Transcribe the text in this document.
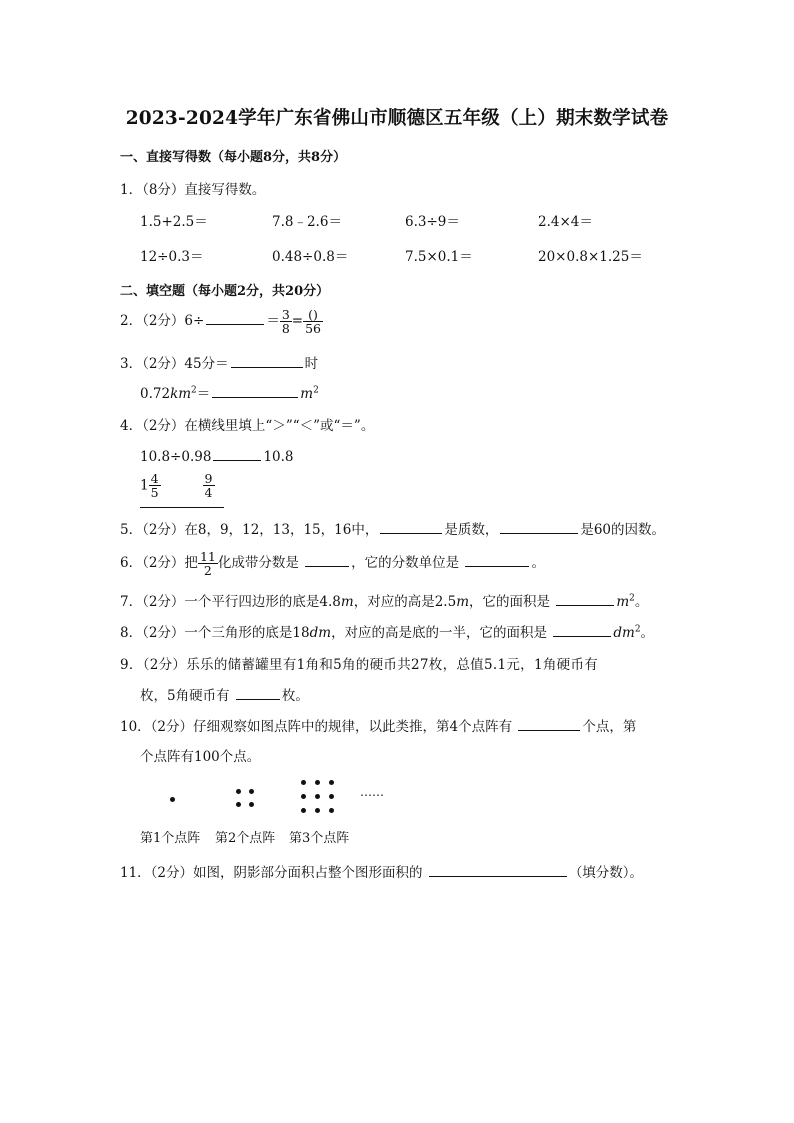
2023-2024学年广东省佛山市顺德区五年级（上）期末数学试卷
一、直接写得数（每小题8分，共8分）
1．（8分）直接写得数。
1.5+2.5＝	7.8﹣2.6＝	6.3÷9＝	2.4×4＝
12÷0.3＝	0.48÷0.8＝	7.5×0.1＝	20×0.8×1.25＝
二、填空题（每小题2分，共20分）
2．（2分）6÷	＝ $\frac{3}{8} = \frac{()}{56}$
3．（2分）45分＝	时
$0.72km^2=$	$m^2$
4．（2分）在横线里填上“＞”“＜”或“＝”。
10.8÷0.98	10.8
$1 \frac{4}{5}$	$\frac{9}{4}$
5．（2分）在8，9，12，13，15，16中，	是质数，	是60的因数。
6．（2分）把 $\frac{11}{2}$ 化成带分数是	，它的分数单位是	。
7．（2分）一个平行四边形的底是4.8m，对应的高是2.5m，它的面积是	$m^2$。
8．（2分）一个三角形的底是18dm，对应的高是底的一半，它的面积是	$dm^2$。
9．（2分）乐乐的储蓄罐里有1角和5角的硬币共27枚，总值5.1元，1角硬币有
枚，5角硬币有	枚。
10．（2分）仔细观察如图点阵中的规律，以此类推，第4个点阵有	个点，第
个点阵有100个点。
……
第1个点阵 第2个点阵 第3个点阵
11．（2分）如图，阴影部分面积占整个图形面积的	（填分数）。
